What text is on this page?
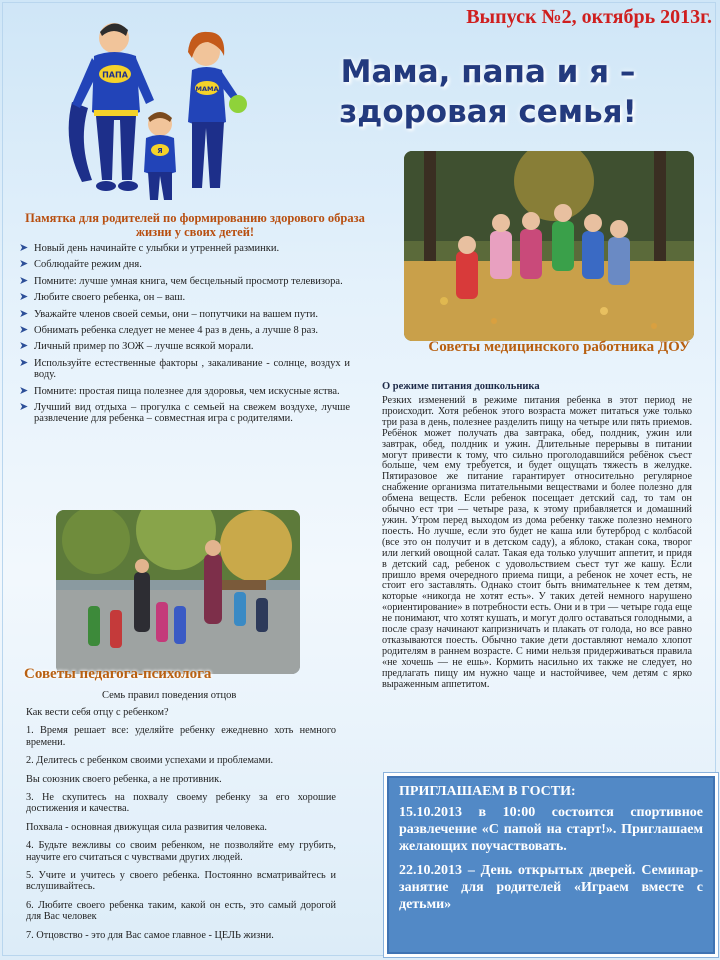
Выпуск №2, октябрь 2013г.
Мама, папа и я – здоровая семья!
ПАПА
Я
МАМА
Памятка для родителей по формированию здорового образа жизни у своих детей!
➤ Новый день начинайте с улыбки и утренней разминки.
➤ Соблюдайте режим дня.
➤ Помните: лучше умная книга, чем бесцельный просмотр телевизора.
➤ Любите своего ребенка, он – ваш.
➤ Уважайте членов своей семьи, они – попутчики на вашем пути.
➤ Обнимать ребенка следует не менее 4 раз в день, а лучше 8 раз.
➤ Личный пример по ЗОЖ – лучше всякой морали.
➤ Используйте естественные факторы , закаливание - солнце, воздух и воду.
➤ Помните: простая пища полезнее для здоровья, чем искусные яства.
➤ Лучший вид отдыха – прогулка с семьей на свежем воздухе, лучше развлечение для ребенка – совместная игра с родителями.
Советы педагога-психолога
Семь правил поведения отцов

Как вести себя отцу с ребенком?

1. Время решает все: уделяйте ребенку ежедневно хоть немного времени.

2. Делитесь с ребенком своими успехами и проблемами.

Вы союзник своего ребенка, а не противник.

3. Не скупитесь на похвалу своему ребенку за его хорошие достижения и качества.

Похвала - основная движущая сила развития человека.

4. Будьте вежливы со своим ребенком, не позволяйте ему грубить, научите его считаться с чувствами других людей.

5. Учите и учитесь у своего ребенка. Постоянно всматривайтесь и вслушивайтесь.

6. Любите своего ребенка таким, какой он есть, это самый дорогой для Вас человек

7. Отцовство - это для Вас самое главное - ЦЕЛЬ жизни.

Советы медицинского работника ДОУ
О режиме питания дошкольника

Резких изменений в режиме питания ребенка в этот период не происходит. Хотя ребенок этого возраста может питаться уже только три раза в день, полезнее разделить пищу на четыре или пять приемов. Ребёнок может получать два завтрака, обед, полдник, ужин или завтрак, обед, полдник и ужин. Длительные перерывы в питании могут привести к тому, что сильно проголодавшийся ребёнок съест больше, чем ему требуется, и будет ощущать тяжесть в желудке. Пятиразовое же питание гарантирует относительно регулярное снабжение организма питательными веществами и более полезно для обмена веществ. Если ребенок посещает детский сад, то там он обычно ест три — четыре раза, к этому прибавляется и домашний ужин. Утром перед выходом из дома ребенку также полезно немного поесть. Но лучше, если это будет не каша или бутерброд с колбасой (все это он получит и в детском саду), а яблоко, стакан сока, творог или легкий овощной салат. Такая еда только улучшит аппетит, и придя в детский сад, ребенок с удовольствием съест тут же кашу. Если пришло время очередного приема пищи, а ребенок не хочет есть, не стоит его заставлять. Однако стоит быть внимательнее к тем детям, которые «никогда не хотят есть». У таких детей немного нарушено «ориентирование» в потребности есть. Они и в три — четыре года еще не понимают, что хотят кушать, и могут долго оставаться голодными, а после сразу начинают капризничать и плакать от голода, но все равно отказываются поесть. Обычно такие дети доставляют немало хлопот родителям в раннем возрасте. С ними нельзя придерживаться правила «не хочешь — не ешь». Кормить насильно их также не следует, но предлагать пищу им нужно чаще и настойчивее, чем детям с ярко выраженным аппетитом.

ПРИГЛАШАЕМ В ГОСТИ:

15.10.2013 в 10:00 состоится спортивное развлечение «С папой на старт!». Приглашаем желающих поучаствовать.

22.10.2013 – День открытых дверей. Семинар-занятие для родителей «Играем вместе с детьми»
